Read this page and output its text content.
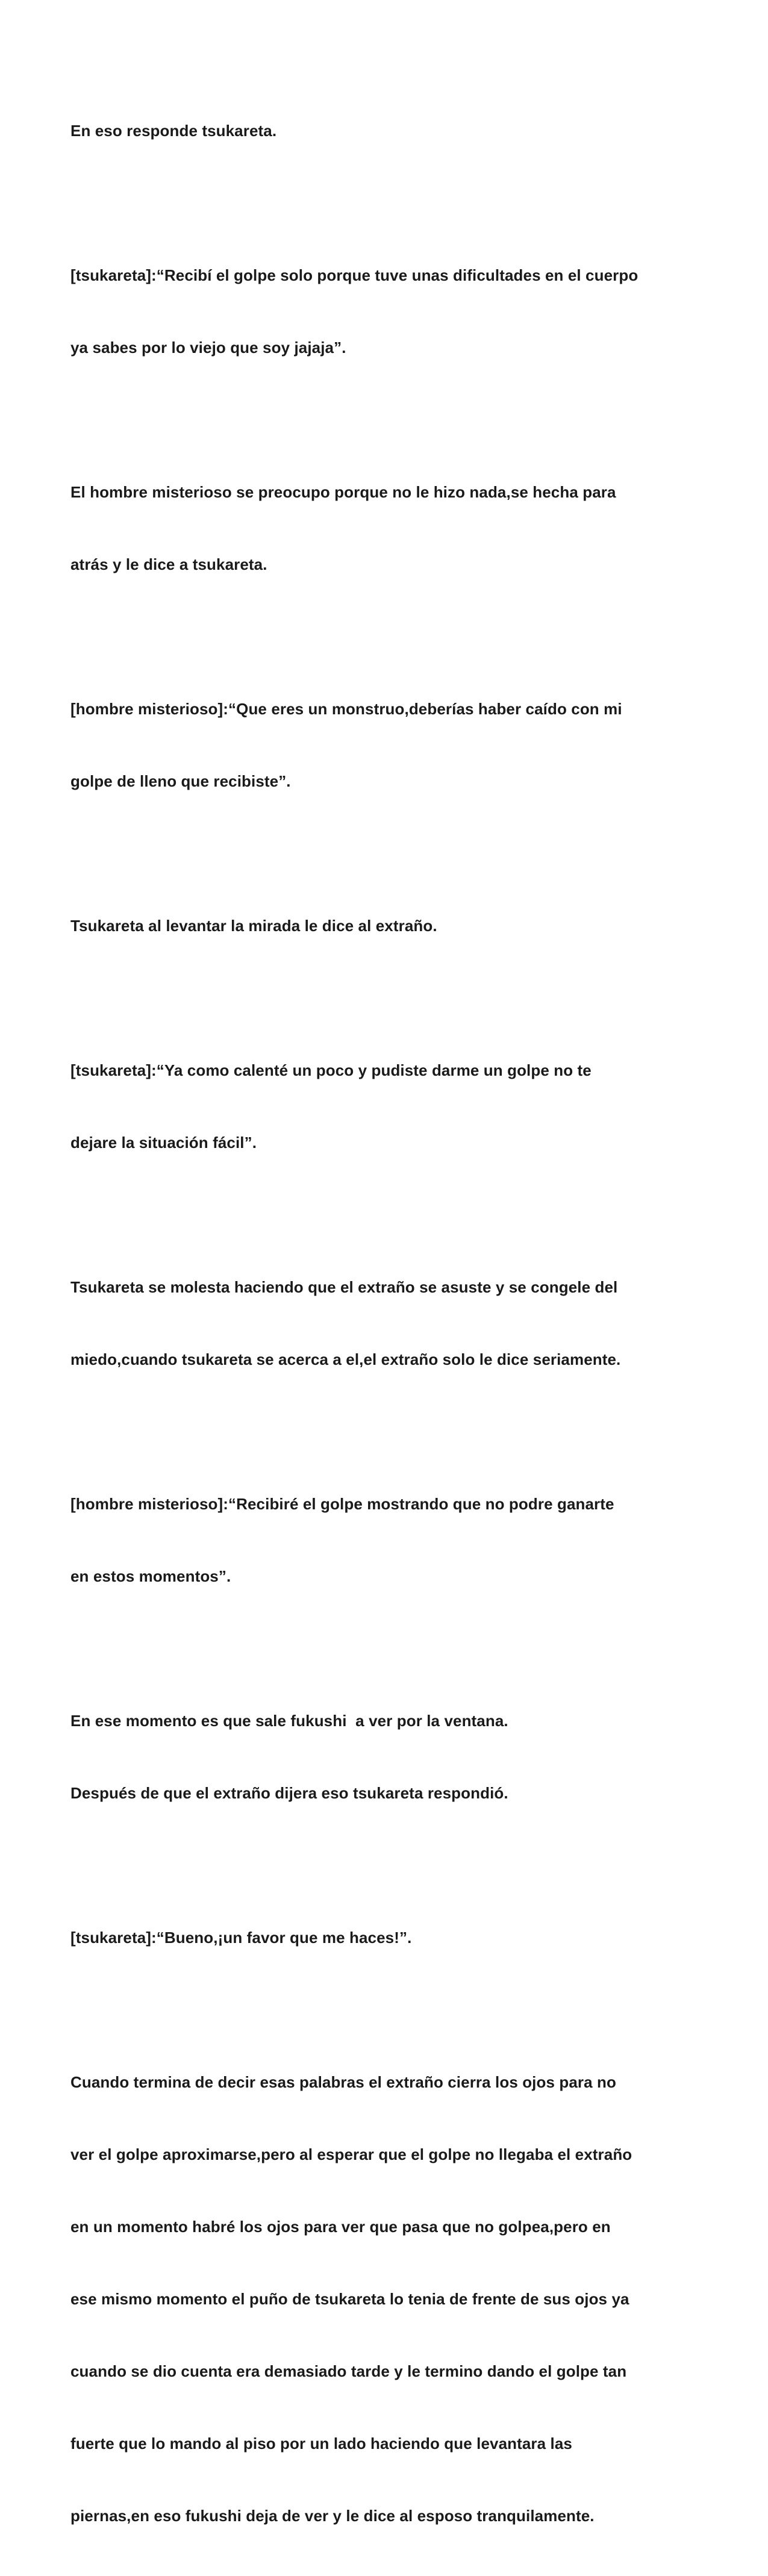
En eso responde tsukareta.

[tsukareta]:“Recibí el golpe solo porque tuve unas dificultades en el cuerpo

ya sabes por lo viejo que soy jajaja”.

El hombre misterioso se preocupo porque no le hizo nada,se hecha para

atrás y le dice a tsukareta.

[hombre misterioso]:“Que eres un monstruo,deberías haber caído con mi

golpe de lleno que recibiste”.

Tsukareta al levantar la mirada le dice al extraño.

[tsukareta]:“Ya como calenté un poco y pudiste darme un golpe no te

dejare la situación fácil”.

Tsukareta se molesta haciendo que el extraño se asuste y se congele del

miedo,cuando tsukareta se acerca a el,el extraño solo le dice seriamente.

[hombre misterioso]:“Recibiré el golpe mostrando que no podre ganarte

en estos momentos”.

En ese momento es que sale fukushi  a ver por la ventana.

Después de que el extraño dijera eso tsukareta respondió.

[tsukareta]:“Bueno,¡un favor que me haces!”.

Cuando termina de decir esas palabras el extraño cierra los ojos para no

ver el golpe aproximarse,pero al esperar que el golpe no llegaba el extraño

en un momento habré los ojos para ver que pasa que no golpea,pero en

ese mismo momento el puño de tsukareta lo tenia de frente de sus ojos ya

cuando se dio cuenta era demasiado tarde y le termino dando el golpe tan

fuerte que lo mando al piso por un lado haciendo que levantara las

piernas,en eso fukushi deja de ver y le dice al esposo tranquilamente.
